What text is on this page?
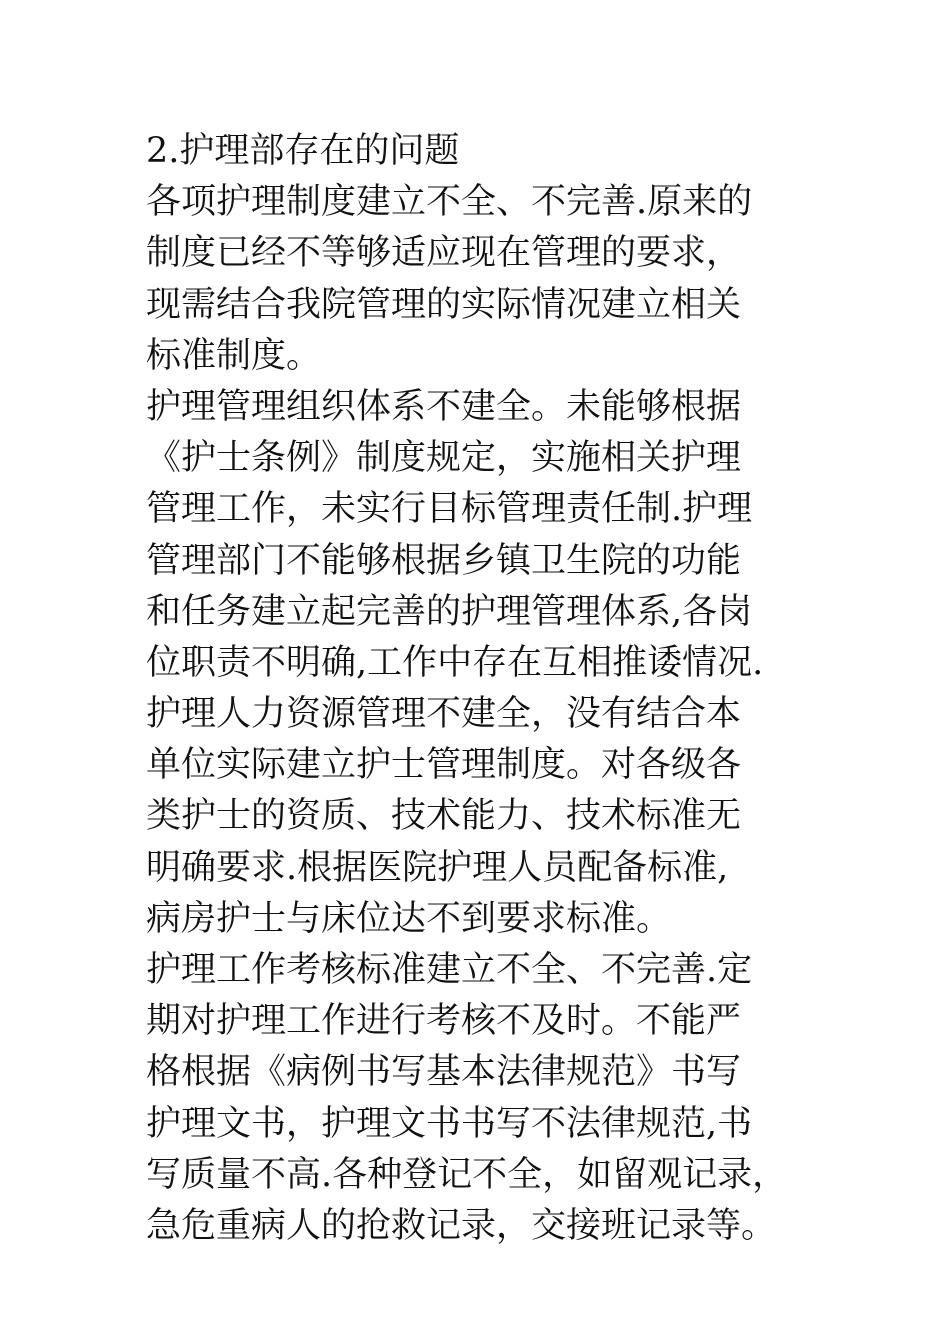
2.护理部存在的问题
各项护理制度建立不全、不完善.原来的
制度已经不等够适应现在管理的要求，
现需结合我院管理的实际情况建立相关
标准制度。
护理管理组织体系不建全。未能够根据
《护士条例》制度规定，实施相关护理
管理工作，未实行目标管理责任制.护理
管理部门不能够根据乡镇卫生院的功能
和任务建立起完善的护理管理体系,各岗
位职责不明确,工作中存在互相推诿情况.
护理人力资源管理不建全，没有结合本
单位实际建立护士管理制度。对各级各
类护士的资质、技术能力、技术标准无
明确要求.根据医院护理人员配备标准,
病房护士与床位达不到要求标准。
护理工作考核标准建立不全、不完善.定
期对护理工作进行考核不及时。不能严
格根据《病例书写基本法律规范》书写
护理文书，护理文书书写不法律规范,书
写质量不高.各种登记不全，如留观记录，
急危重病人的抢救记录，交接班记录等。
